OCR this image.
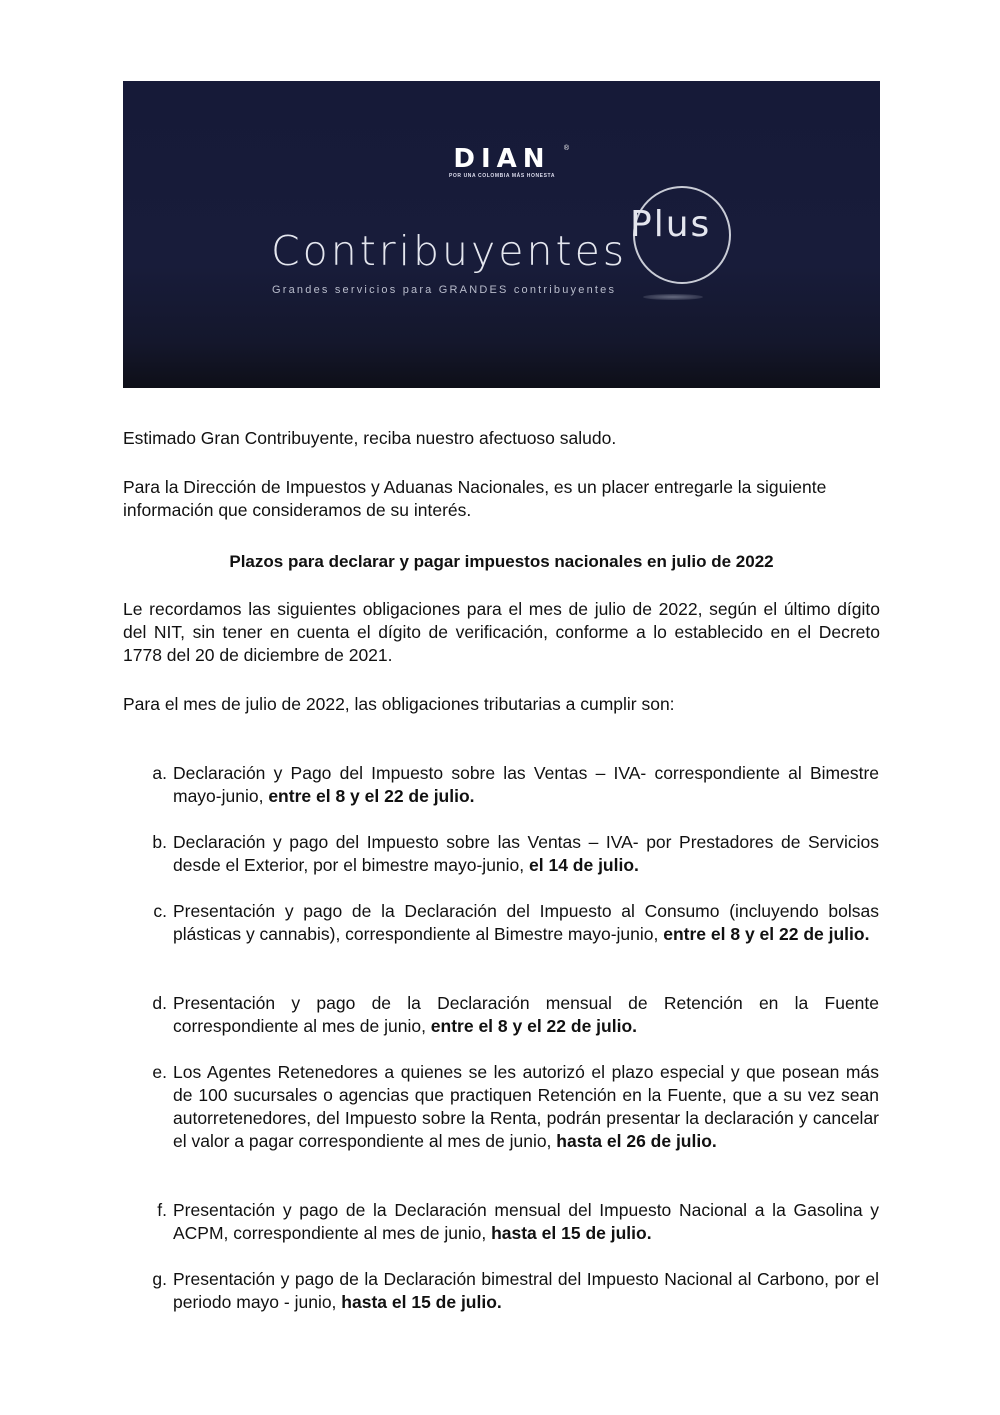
DIAN	®
POR UNA COLOMBIA MÁS HONESTA
Contribuyentes
Plus
Grandes servicios para GRANDES contribuyentes

Estimado Gran Contribuyente, reciba nuestro afectuoso saludo.

Para la Dirección de Impuestos y Aduanas Nacionales, es un placer entregarle la siguiente información que consideramos de su interés.

Plazos para declarar y pagar impuestos nacionales en julio de 2022

Le recordamos las siguientes obligaciones para el mes de julio de 2022, según el último dígito del NIT, sin tener en cuenta el dígito de verificación, conforme a lo establecido en el Decreto 1778 del 20 de diciembre de 2021.

Para el mes de julio de 2022, las obligaciones tributarias a cumplir son:

a. Declaración y Pago del Impuesto sobre las Ventas – IVA- correspondiente al Bimestre mayo-junio, entre el 8 y el 22 de julio.
b. Declaración y pago del Impuesto sobre las Ventas – IVA- por Prestadores de Servicios desde el Exterior, por el bimestre mayo-junio, el 14 de julio.
c. Presentación y pago de la Declaración del Impuesto al Consumo (incluyendo bolsas plásticas y cannabis), correspondiente al Bimestre mayo-junio, entre el 8 y el 22 de julio.
d. Presentación y pago de la Declaración mensual de Retención en la Fuente correspondiente al mes de junio, entre el 8 y el 22 de julio.
e. Los Agentes Retenedores a quienes se les autorizó el plazo especial y que posean más de 100 sucursales o agencias que practiquen Retención en la Fuente, que a su vez sean autorretenedores, del Impuesto sobre la Renta, podrán presentar la declaración y cancelar el valor a pagar correspondiente al mes de junio, hasta el 26 de julio.
f. Presentación y pago de la Declaración mensual del Impuesto Nacional a la Gasolina y ACPM, correspondiente al mes de junio, hasta el 15 de julio.
g. Presentación y pago de la Declaración bimestral del Impuesto Nacional al Carbono, por el periodo mayo - junio, hasta el 15 de julio.
